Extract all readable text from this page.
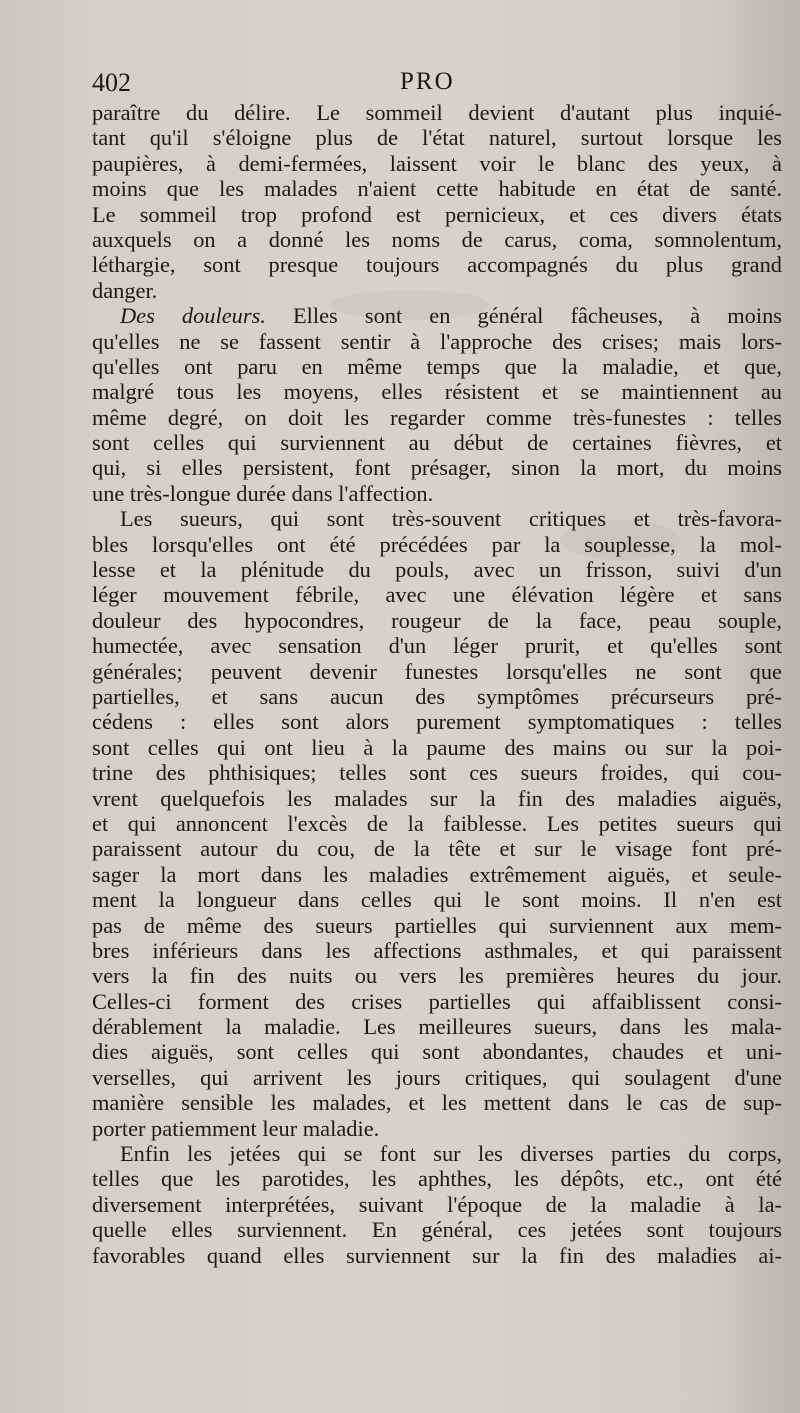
402	PRO
paraître du délire. Le sommeil devient d'autant plus inquié-
tant qu'il s'éloigne plus de l'état naturel, surtout lorsque les
paupières, à demi-fermées, laissent voir le blanc des yeux, à
moins que les malades n'aient cette habitude en état de santé.
Le sommeil trop profond est pernicieux, et ces divers états
auxquels on a donné les noms de carus, coma, somnolentum,
léthargie, sont presque toujours accompagnés du plus grand
danger.
Des douleurs. Elles sont en général fâcheuses, à moins
qu'elles ne se fassent sentir à l'approche des crises; mais lors-
qu'elles ont paru en même temps que la maladie, et que,
malgré tous les moyens, elles résistent et se maintiennent au
même degré, on doit les regarder comme très-funestes : telles
sont celles qui surviennent au début de certaines fièvres, et
qui, si elles persistent, font présager, sinon la mort, du moins
une très-longue durée dans l'affection.
Les sueurs, qui sont très-souvent critiques et très-favora-
bles lorsqu'elles ont été précédées par la souplesse, la mol-
lesse et la plénitude du pouls, avec un frisson, suivi d'un
léger mouvement fébrile, avec une élévation légère et sans
douleur des hypocondres, rougeur de la face, peau souple,
humectée, avec sensation d'un léger prurit, et qu'elles sont
générales; peuvent devenir funestes lorsqu'elles ne sont que
partielles, et sans aucun des symptômes précurseurs pré-
cédens : elles sont alors purement symptomatiques : telles
sont celles qui ont lieu à la paume des mains ou sur la poi-
trine des phthisiques; telles sont ces sueurs froides, qui cou-
vrent quelquefois les malades sur la fin des maladies aiguës,
et qui annoncent l'excès de la faiblesse. Les petites sueurs qui
paraissent autour du cou, de la tête et sur le visage font pré-
sager la mort dans les maladies extrêmement aiguës, et seule-
ment la longueur dans celles qui le sont moins. Il n'en est
pas de même des sueurs partielles qui surviennent aux mem-
bres inférieurs dans les affections asthmales, et qui paraissent
vers la fin des nuits ou vers les premières heures du jour.
Celles-ci forment des crises partielles qui affaiblissent consi-
dérablement la maladie. Les meilleures sueurs, dans les mala-
dies aiguës, sont celles qui sont abondantes, chaudes et uni-
verselles, qui arrivent les jours critiques, qui soulagent d'une
manière sensible les malades, et les mettent dans le cas de sup-
porter patiemment leur maladie.
Enfin les jetées qui se font sur les diverses parties du corps,
telles que les parotides, les aphthes, les dépôts, etc., ont été
diversement interprétées, suivant l'époque de la maladie à la-
quelle elles surviennent. En général, ces jetées sont toujours
favorables quand elles surviennent sur la fin des maladies ai-
